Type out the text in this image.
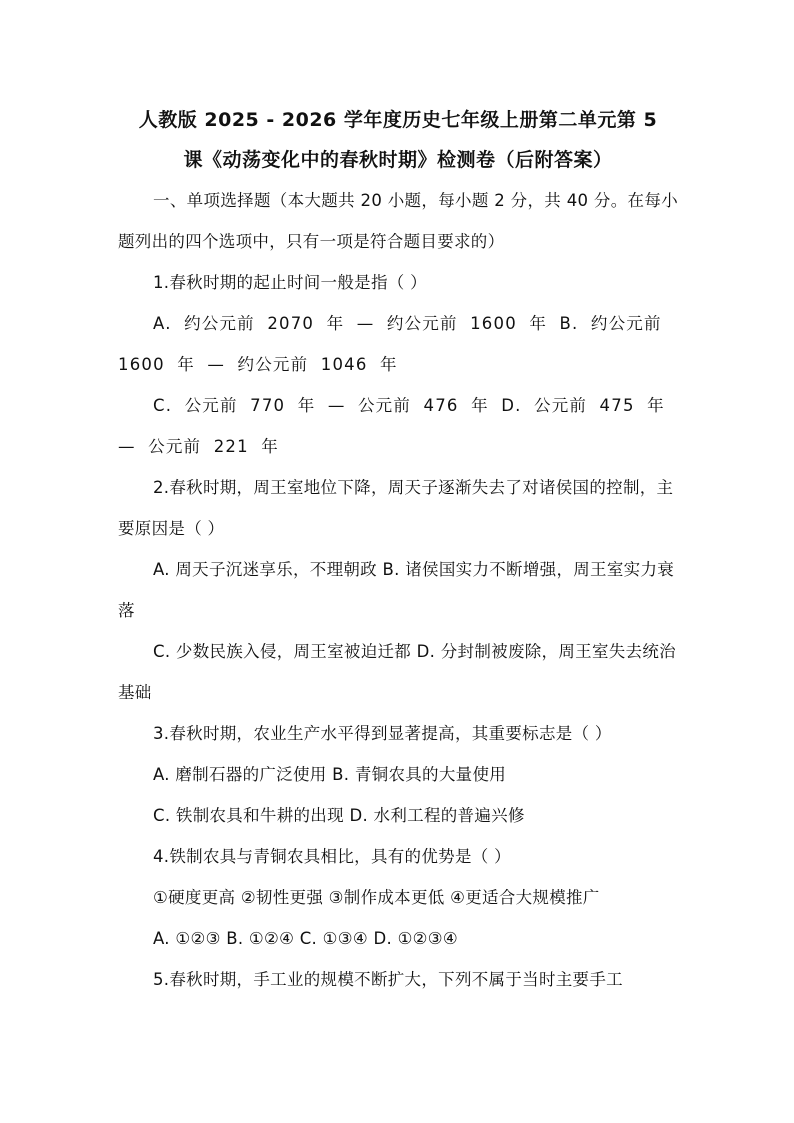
人教版 2025 - 2026 学年度历史七年级上册第二单元第 5
课《动荡变化中的春秋时期》检测卷（后附答案）
一、单项选择题（本大题共 20 小题，每小题 2 分，共 40 分。在每小题列出的四个选项中，只有一项是符合题目要求的）
1.春秋时期的起止时间一般是指（ ）
A. 约公元前 2070 年 — 约公元前 1600 年 B. 约公元前 1600 年 — 约公元前 1046 年
C. 公元前 770 年 — 公元前 476 年 D. 公元前 475 年 — 公元前 221 年
2.春秋时期，周王室地位下降，周天子逐渐失去了对诸侯国的控制，主要原因是（ ）
A. 周天子沉迷享乐，不理朝政 B. 诸侯国实力不断增强，周王室实力衰落
C. 少数民族入侵，周王室被迫迁都 D. 分封制被废除，周王室失去统治基础
3.春秋时期，农业生产水平得到显著提高，其重要标志是（ ）
A. 磨制石器的广泛使用 B. 青铜农具的大量使用
C. 铁制农具和牛耕的出现 D. 水利工程的普遍兴修
4.铁制农具与青铜农具相比，具有的优势是（ ）
①硬度更高 ②韧性更强 ③制作成本更低 ④更适合大规模推广
A. ①②③ B. ①②④ C. ①③④ D. ①②③④
5.春秋时期，手工业的规模不断扩大，下列不属于当时主要手工
